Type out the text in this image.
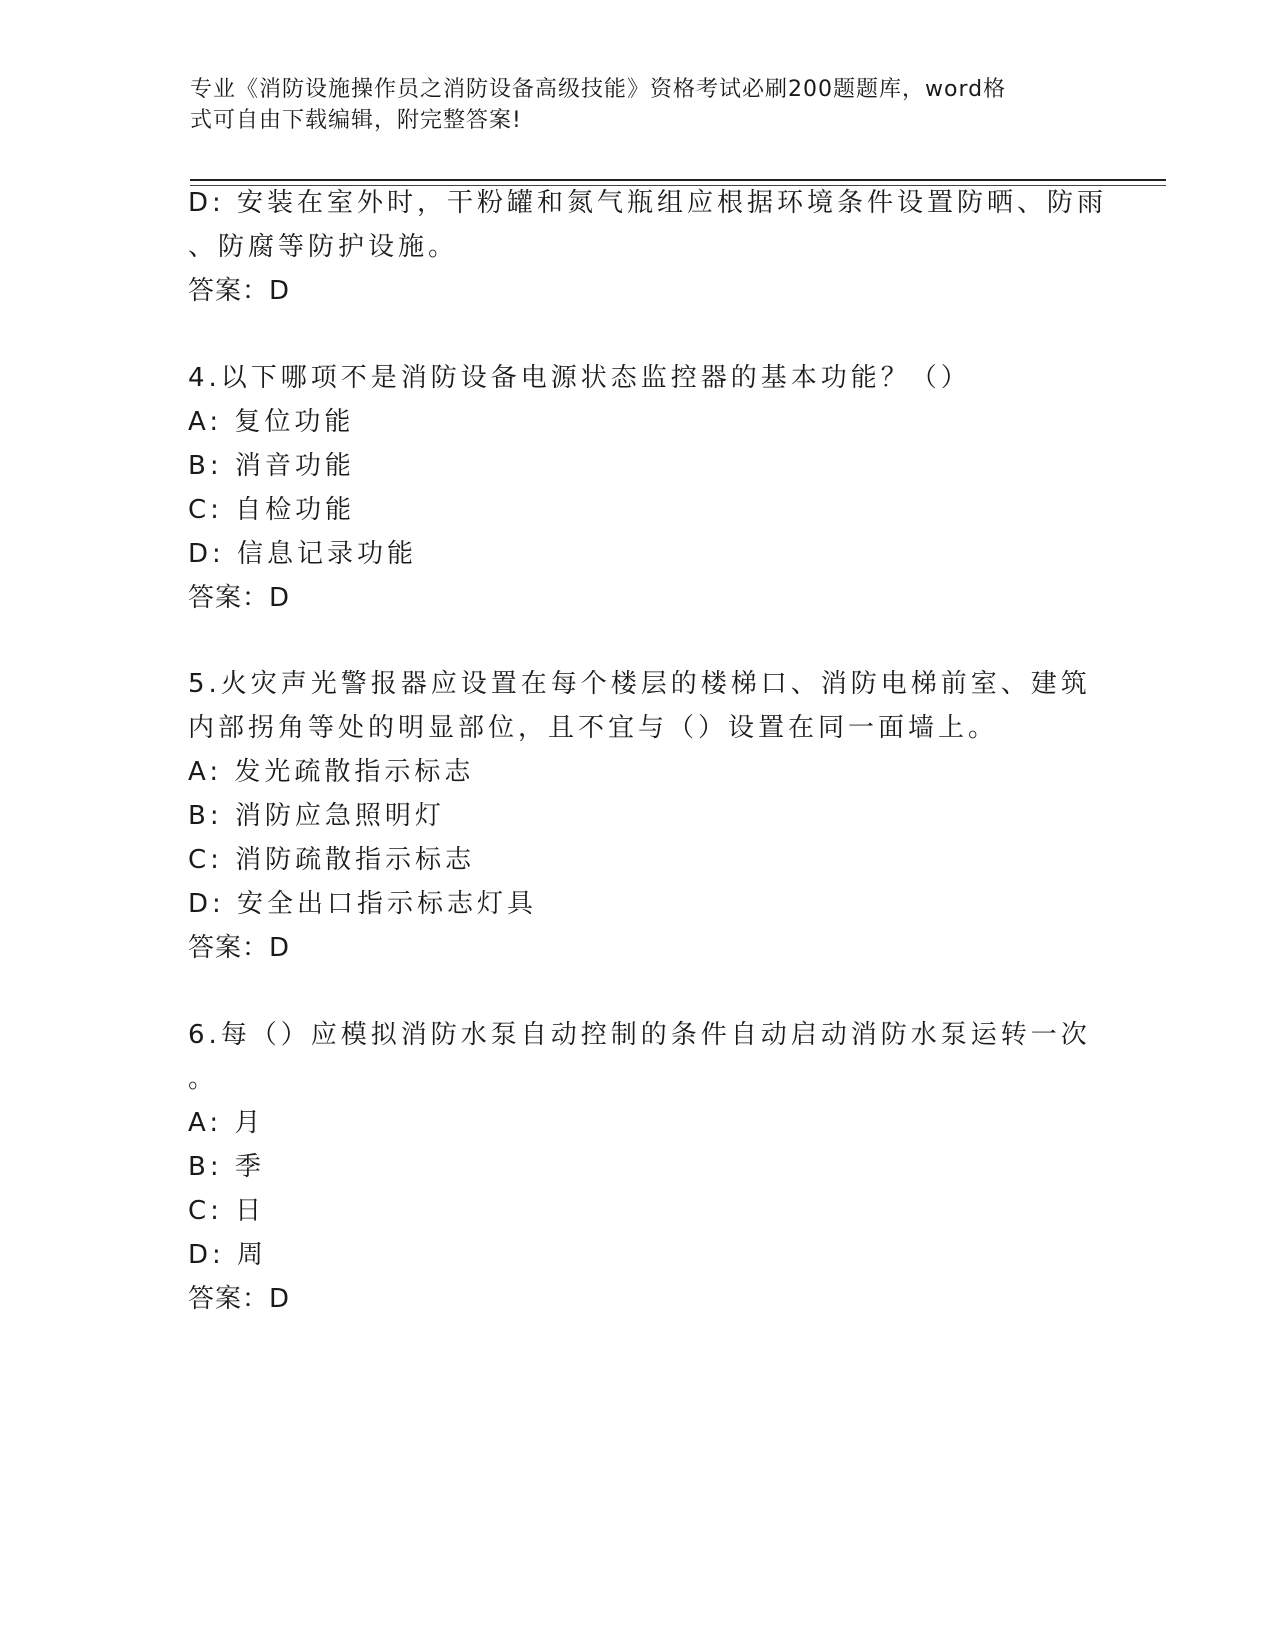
专业《消防设施操作员之消防设备高级技能》资格考试必刷200题题库，word格
式可自由下载编辑，附完整答案!

D: 安装在室外时，干粉罐和氮气瓶组应根据环境条件设置防晒、防雨

、防腐等防护设施。

答案：D

4.以下哪项不是消防设备电源状态监控器的基本功能？（）

A: 复位功能

B: 消音功能

C: 自检功能

D: 信息记录功能

答案：D

5.火灾声光警报器应设置在每个楼层的楼梯口、消防电梯前室、建筑

内部拐角等处的明显部位，且不宜与（）设置在同一面墙上。

A: 发光疏散指示标志

B: 消防应急照明灯

C: 消防疏散指示标志

D: 安全出口指示标志灯具

答案：D

6.每（）应模拟消防水泵自动控制的条件自动启动消防水泵运转一次

。

A: 月

B: 季

C: 日

D: 周

答案：D
